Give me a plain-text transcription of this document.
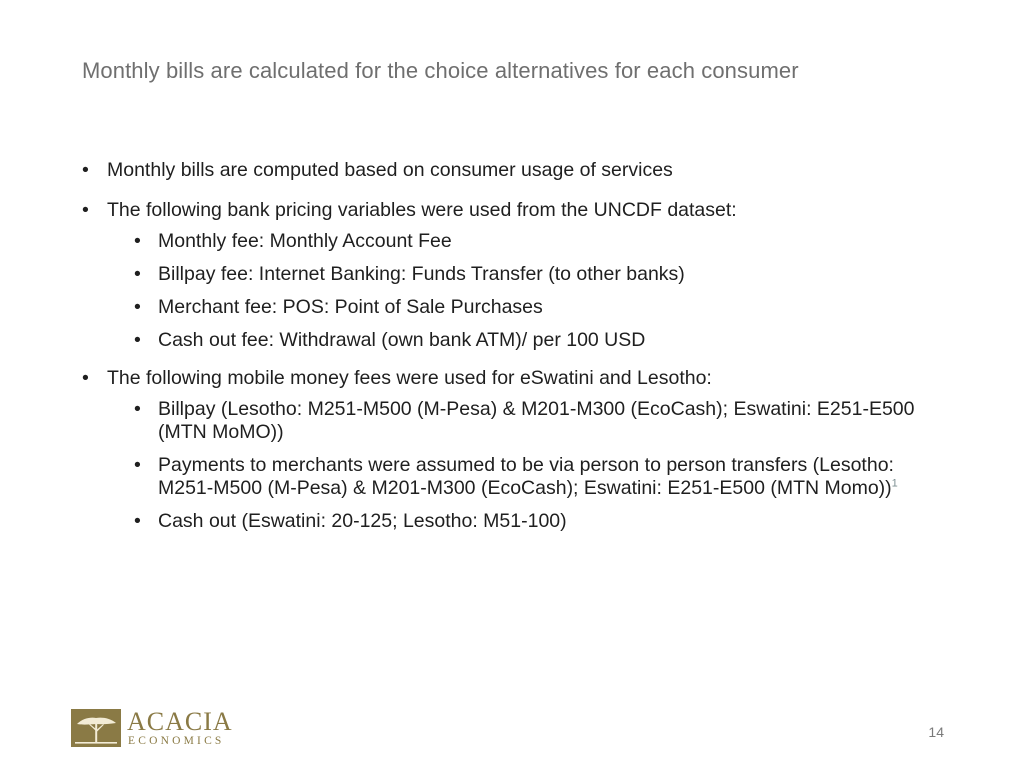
Monthly bills are calculated for the choice alternatives for each consumer
• Monthly bills are computed based on consumer usage of services
• The following bank pricing variables were used from the UNCDF dataset:
• Monthly fee: Monthly Account Fee
• Billpay fee: Internet Banking: Funds Transfer (to other banks)
• Merchant fee: POS: Point of Sale Purchases
• Cash out fee: Withdrawal (own bank ATM)/ per 100 USD
• The following mobile money fees were used for eSwatini and Lesotho:
• Billpay (Lesotho: M251-M500 (M-Pesa) & M201-M300 (EcoCash); Eswatini: E251-E500 (MTN MoMO))
• Payments to merchants were assumed to be via person to person transfers (Lesotho: M251-M500 (M-Pesa) & M201-M300 (EcoCash); Eswatini: E251-E500 (MTN Momo))$^1$
• Cash out (Eswatini: 20-125; Lesotho: M51-100)
ACACIA
ECONOMICS
14
